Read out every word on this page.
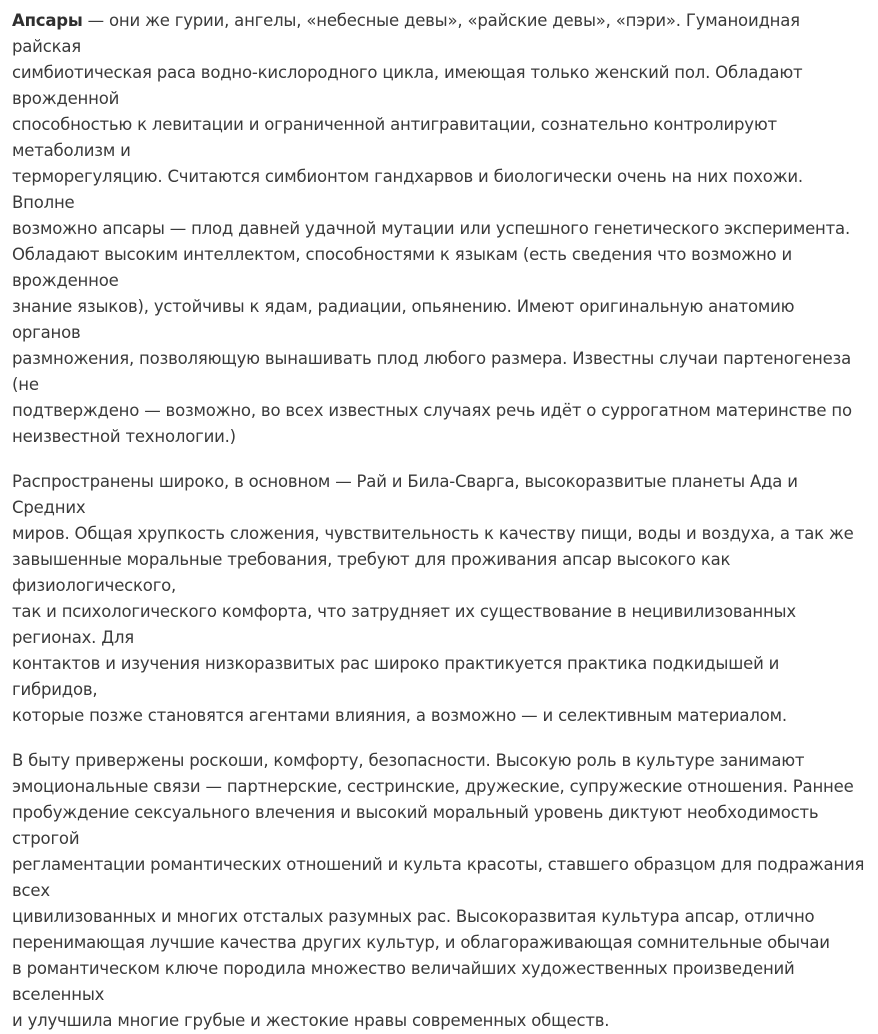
Апсары — они же гурии, ангелы, «небесные девы», «райские девы», «пэри». Гуманоидная райская
симбиотическая раса водно-кислородного цикла, имеющая только женский пол. Обладают врожденной
способностью к левитации и ограниченной антигравитации, сознательно контролируют метаболизм и
терморегуляцию. Считаются симбионтом гандхарвов и биологически очень на них похожи. Вполне
возможно апсары — плод давней удачной мутации или успешного генетического эксперимента.
Обладают высоким интеллектом, способностями к языкам (есть сведения что возможно и врожденное
знание языков), устойчивы к ядам, радиации, опьянению. Имеют оригинальную анатомию органов
размножения, позволяющую вынашивать плод любого размера. Известны случаи партеногенеза (не
подтверждено — возможно, во всех известных случаях речь идёт о суррогатном материнстве по
неизвестной технологии.)

Распространены широко, в основном — Рай и Била-Сварга, высокоразвитые планеты Ада и Средних
миров. Общая хрупкость сложения, чувствительность к качеству пищи, воды и воздуха, а так же
завышенные моральные требования, требуют для проживания апсар высокого как физиологического,
так и психологического комфорта, что затрудняет их существование в нецивилизованных регионах. Для
контактов и изучения низкоразвитых рас широко практикуется практика подкидышей и гибридов,
которые позже становятся агентами влияния, а возможно — и селективным материалом.

В быту привержены роскоши, комфорту, безопасности. Высокую роль в культуре занимают
эмоциональные связи — партнерские, сестринские, дружеские, супружеские отношения. Раннее
пробуждение сексуального влечения и высокий моральный уровень диктуют необходимость строгой
регламентации романтических отношений и культа красоты, ставшего образцом для подражания всех
цивилизованных и многих отсталых разумных рас. Высокоразвитая культура апсар, отлично
перенимающая лучшие качества других культур, и облагораживающая сомнительные обычаи
в романтическом ключе породила множество величайших художественных произведений вселенных
и улучшила многие грубые и жестокие нравы современных обществ.
